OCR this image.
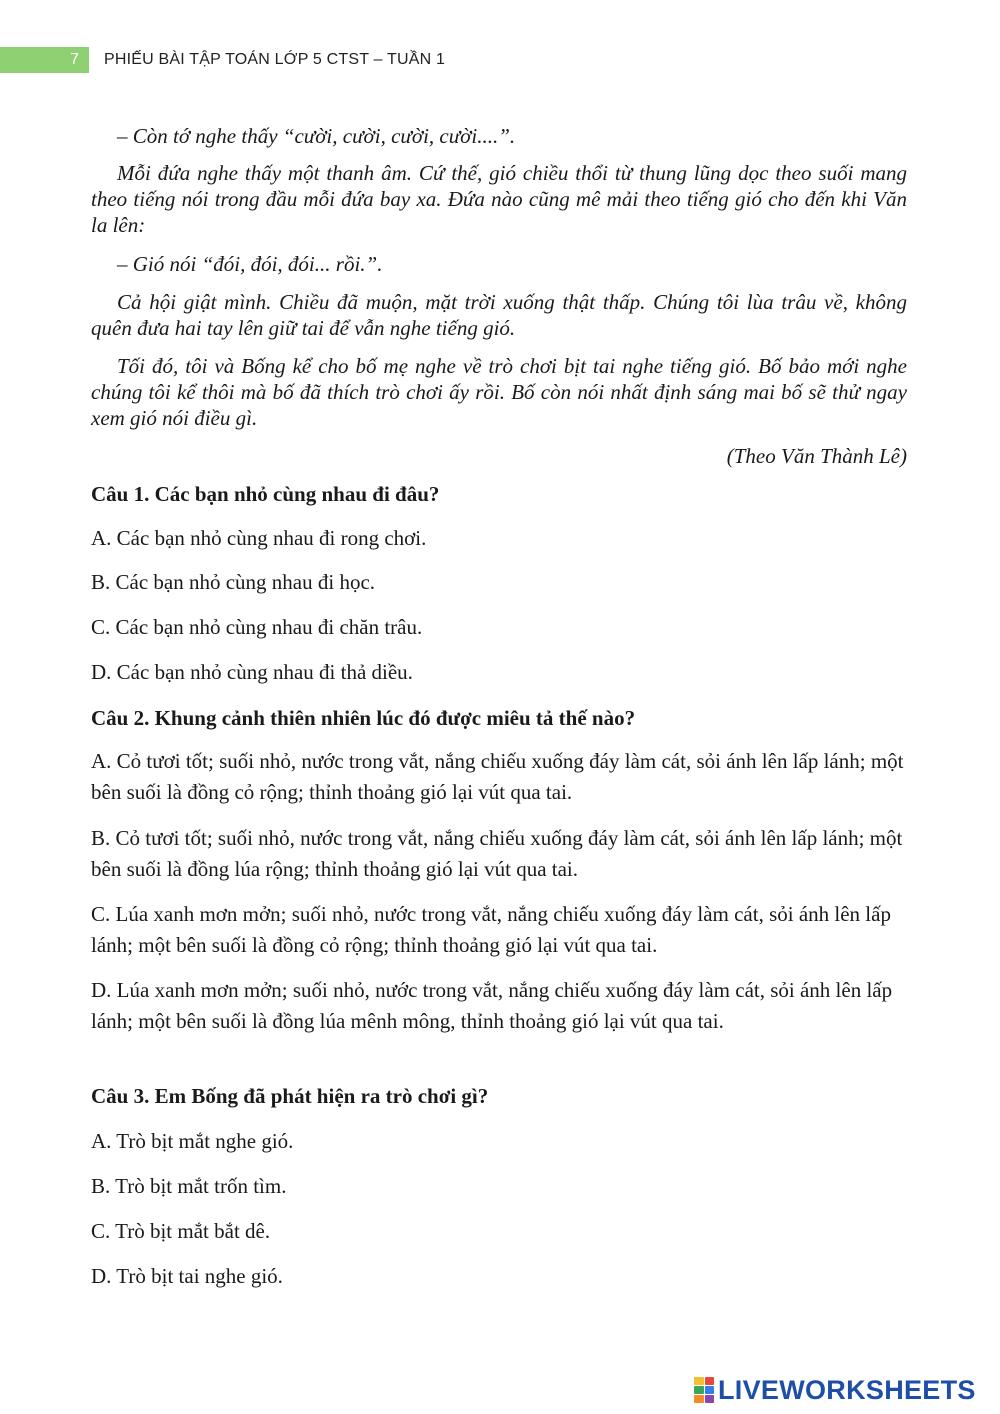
7	PHIẾU BÀI TẬP TOÁN LỚP 5 CTST – TUẦN 1

– Còn tớ nghe thấy “cười, cười, cười, cười....”.

Mỗi đứa nghe thấy một thanh âm. Cứ thế, gió chiều thổi từ thung lũng dọc theo suối mang theo tiếng nói trong đầu mỗi đứa bay xa. Đứa nào cũng mê mải theo tiếng gió cho đến khi Văn la lên:

– Gió nói “đói, đói, đói... rồi.”.

Cả hội giật mình. Chiều đã muộn, mặt trời xuống thật thấp. Chúng tôi lùa trâu về, không quên đưa hai tay lên giữ tai để vẫn nghe tiếng gió.

Tối đó, tôi và Bống kể cho bố mẹ nghe về trò chơi bịt tai nghe tiếng gió. Bố bảo mới nghe chúng tôi kể thôi mà bố đã thích trò chơi ấy rồi. Bố còn nói nhất định sáng mai bố sẽ thử ngay xem gió nói điều gì.

(Theo Văn Thành Lê)

Câu 1. Các bạn nhỏ cùng nhau đi đâu?

A. Các bạn nhỏ cùng nhau đi rong chơi.

B. Các bạn nhỏ cùng nhau đi học.

C. Các bạn nhỏ cùng nhau đi chăn trâu.

D. Các bạn nhỏ cùng nhau đi thả diều.

Câu 2. Khung cảnh thiên nhiên lúc đó được miêu tả thế nào?

A. Cỏ tươi tốt; suối nhỏ, nước trong vắt, nắng chiếu xuống đáy làm cát, sỏi ánh lên lấp lánh; một bên suối là đồng cỏ rộng; thỉnh thoảng gió lại vút qua tai.

B. Cỏ tươi tốt; suối nhỏ, nước trong vắt, nắng chiếu xuống đáy làm cát, sỏi ánh lên lấp lánh; một bên suối là đồng lúa rộng; thỉnh thoảng gió lại vút qua tai.

C. Lúa xanh mơn mởn; suối nhỏ, nước trong vắt, nắng chiếu xuống đáy làm cát, sỏi ánh lên lấp lánh; một bên suối là đồng cỏ rộng; thỉnh thoảng gió lại vút qua tai.

D. Lúa xanh mơn mởn; suối nhỏ, nước trong vắt, nắng chiếu xuống đáy làm cát, sỏi ánh lên lấp lánh; một bên suối là đồng lúa mênh mông, thỉnh thoảng gió lại vút qua tai.

Câu 3. Em Bống đã phát hiện ra trò chơi gì?

A. Trò bịt mắt nghe gió.

B. Trò bịt mắt trốn tìm.

C. Trò bịt mắt bắt dê.

D. Trò bịt tai nghe gió.

LIVEWORKSHEETS
